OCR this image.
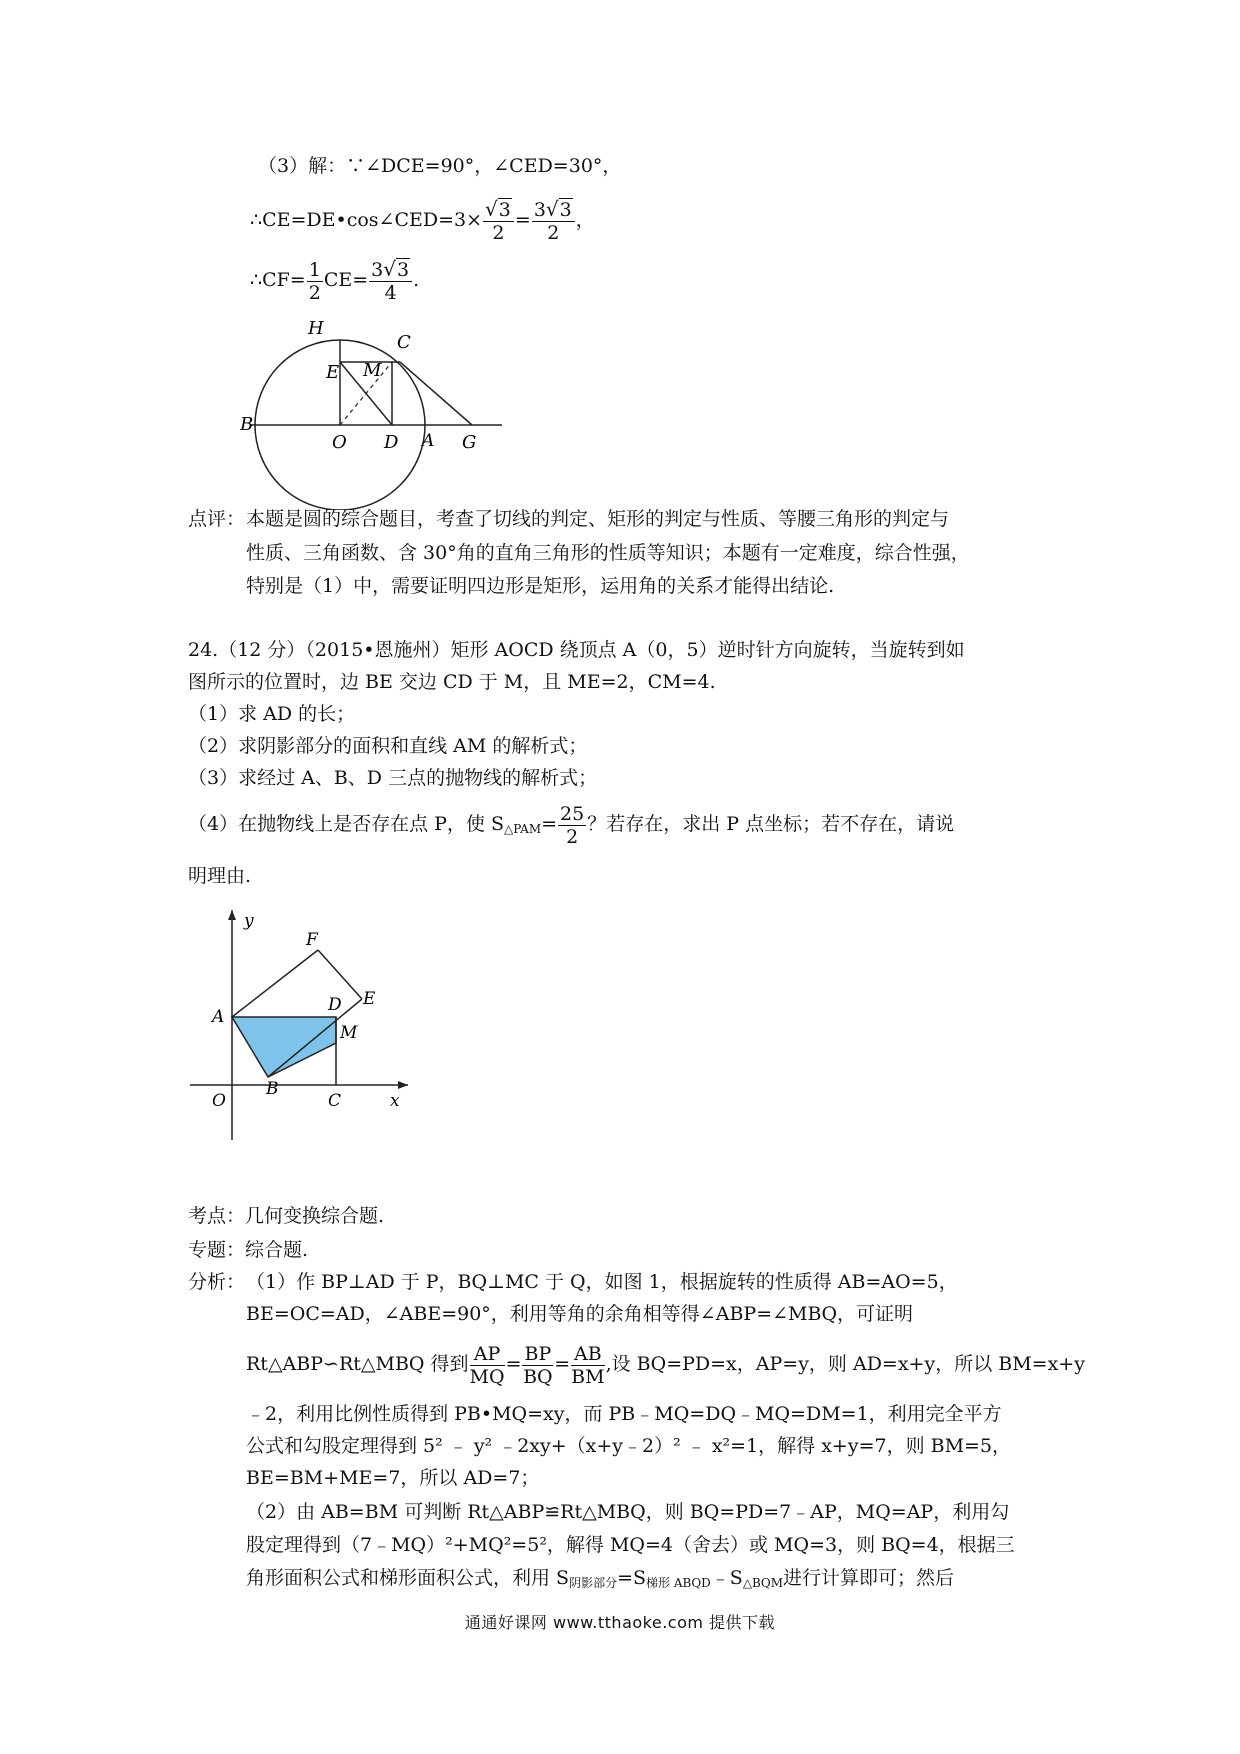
（3）解：∵∠DCE=90°，∠CED=30°，
∴CE=DE•cos∠CED=3× $\frac{√3}{2} = \frac{3√3}{2}$ ，
∴CF= $\frac{1}{2} CE= \frac{3√3}{4}$ .
H
C
E M
B
O D A G
点评： 本题是圆的综合题目，考查了切线的判定、矩形的判定与性质、等腰三角形的判定与
性质、三角函数、含 30°角的直角三角形的性质等知识；本题有一定难度，综合性强，
特别是（1）中，需要证明四边形是矩形，运用角的关系才能得出结论.
24.（12 分）（2015•恩施州）矩形 AOCD 绕顶点 A（0，5）逆时针方向旋转，当旋转到如
图所示的位置时，边 BE 交边 CD 于 M，且 ME=2，CM=4.
（1）求 AD 的长；
（2）求阴影部分的面积和直线 AM 的解析式；
（3）求经过 A、B、D 三点的抛物线的解析式；
（4）在抛物线上是否存在点 P，使 $S_{\triangle PAM}= \frac{25}{2}$ ？若存在，求出 P 点坐标；若不存在，请说
明理由.
y
F
A
D E
M
B
O	C	x
考点：几何变换综合题.
专题：综合题.
分析： （1）作 BP⊥AD 于 P，BQ⊥MC 于 Q，如图 1，根据旋转的性质得 AB=AO=5，
BE=OC=AD，∠ABE=90°，利用等角的余角相等得∠ABP=∠MBQ，可证明
Rt△ABP∽Rt△MBQ 得到 $\frac{AP}{MQ} = \frac{BP}{BQ} = \frac{AB}{BM}$ ,设 BQ=PD=x，AP=y，则 AD=x+y，所以 BM=x+y
﹣2，利用比例性质得到 PB•MQ=xy，而 PB﹣MQ=DQ﹣MQ=DM=1，利用完全平方
公式和勾股定理得到 5² ﹣ y² ﹣2xy+（x+y﹣2）² ﹣ x²=1，解得 x+y=7，则 BM=5，
BE=BM+ME=7，所以 AD=7；
（2）由 AB=BM 可判断 Rt△ABP≌Rt△MBQ，则 BQ=PD=7﹣AP，MQ=AP，利用勾
股定理得到（7﹣MQ）²+MQ²=5²，解得 MQ=4（舍去）或 MQ=3，则 BQ=4，根据三
角形面积公式和梯形面积公式，利用 $S_{阴影部分}=S_{梯形 ABQD}﹣S_{\triangle BQM}$进行计算即可；然后
通通好课网 www.tthaoke.com 提供下载
